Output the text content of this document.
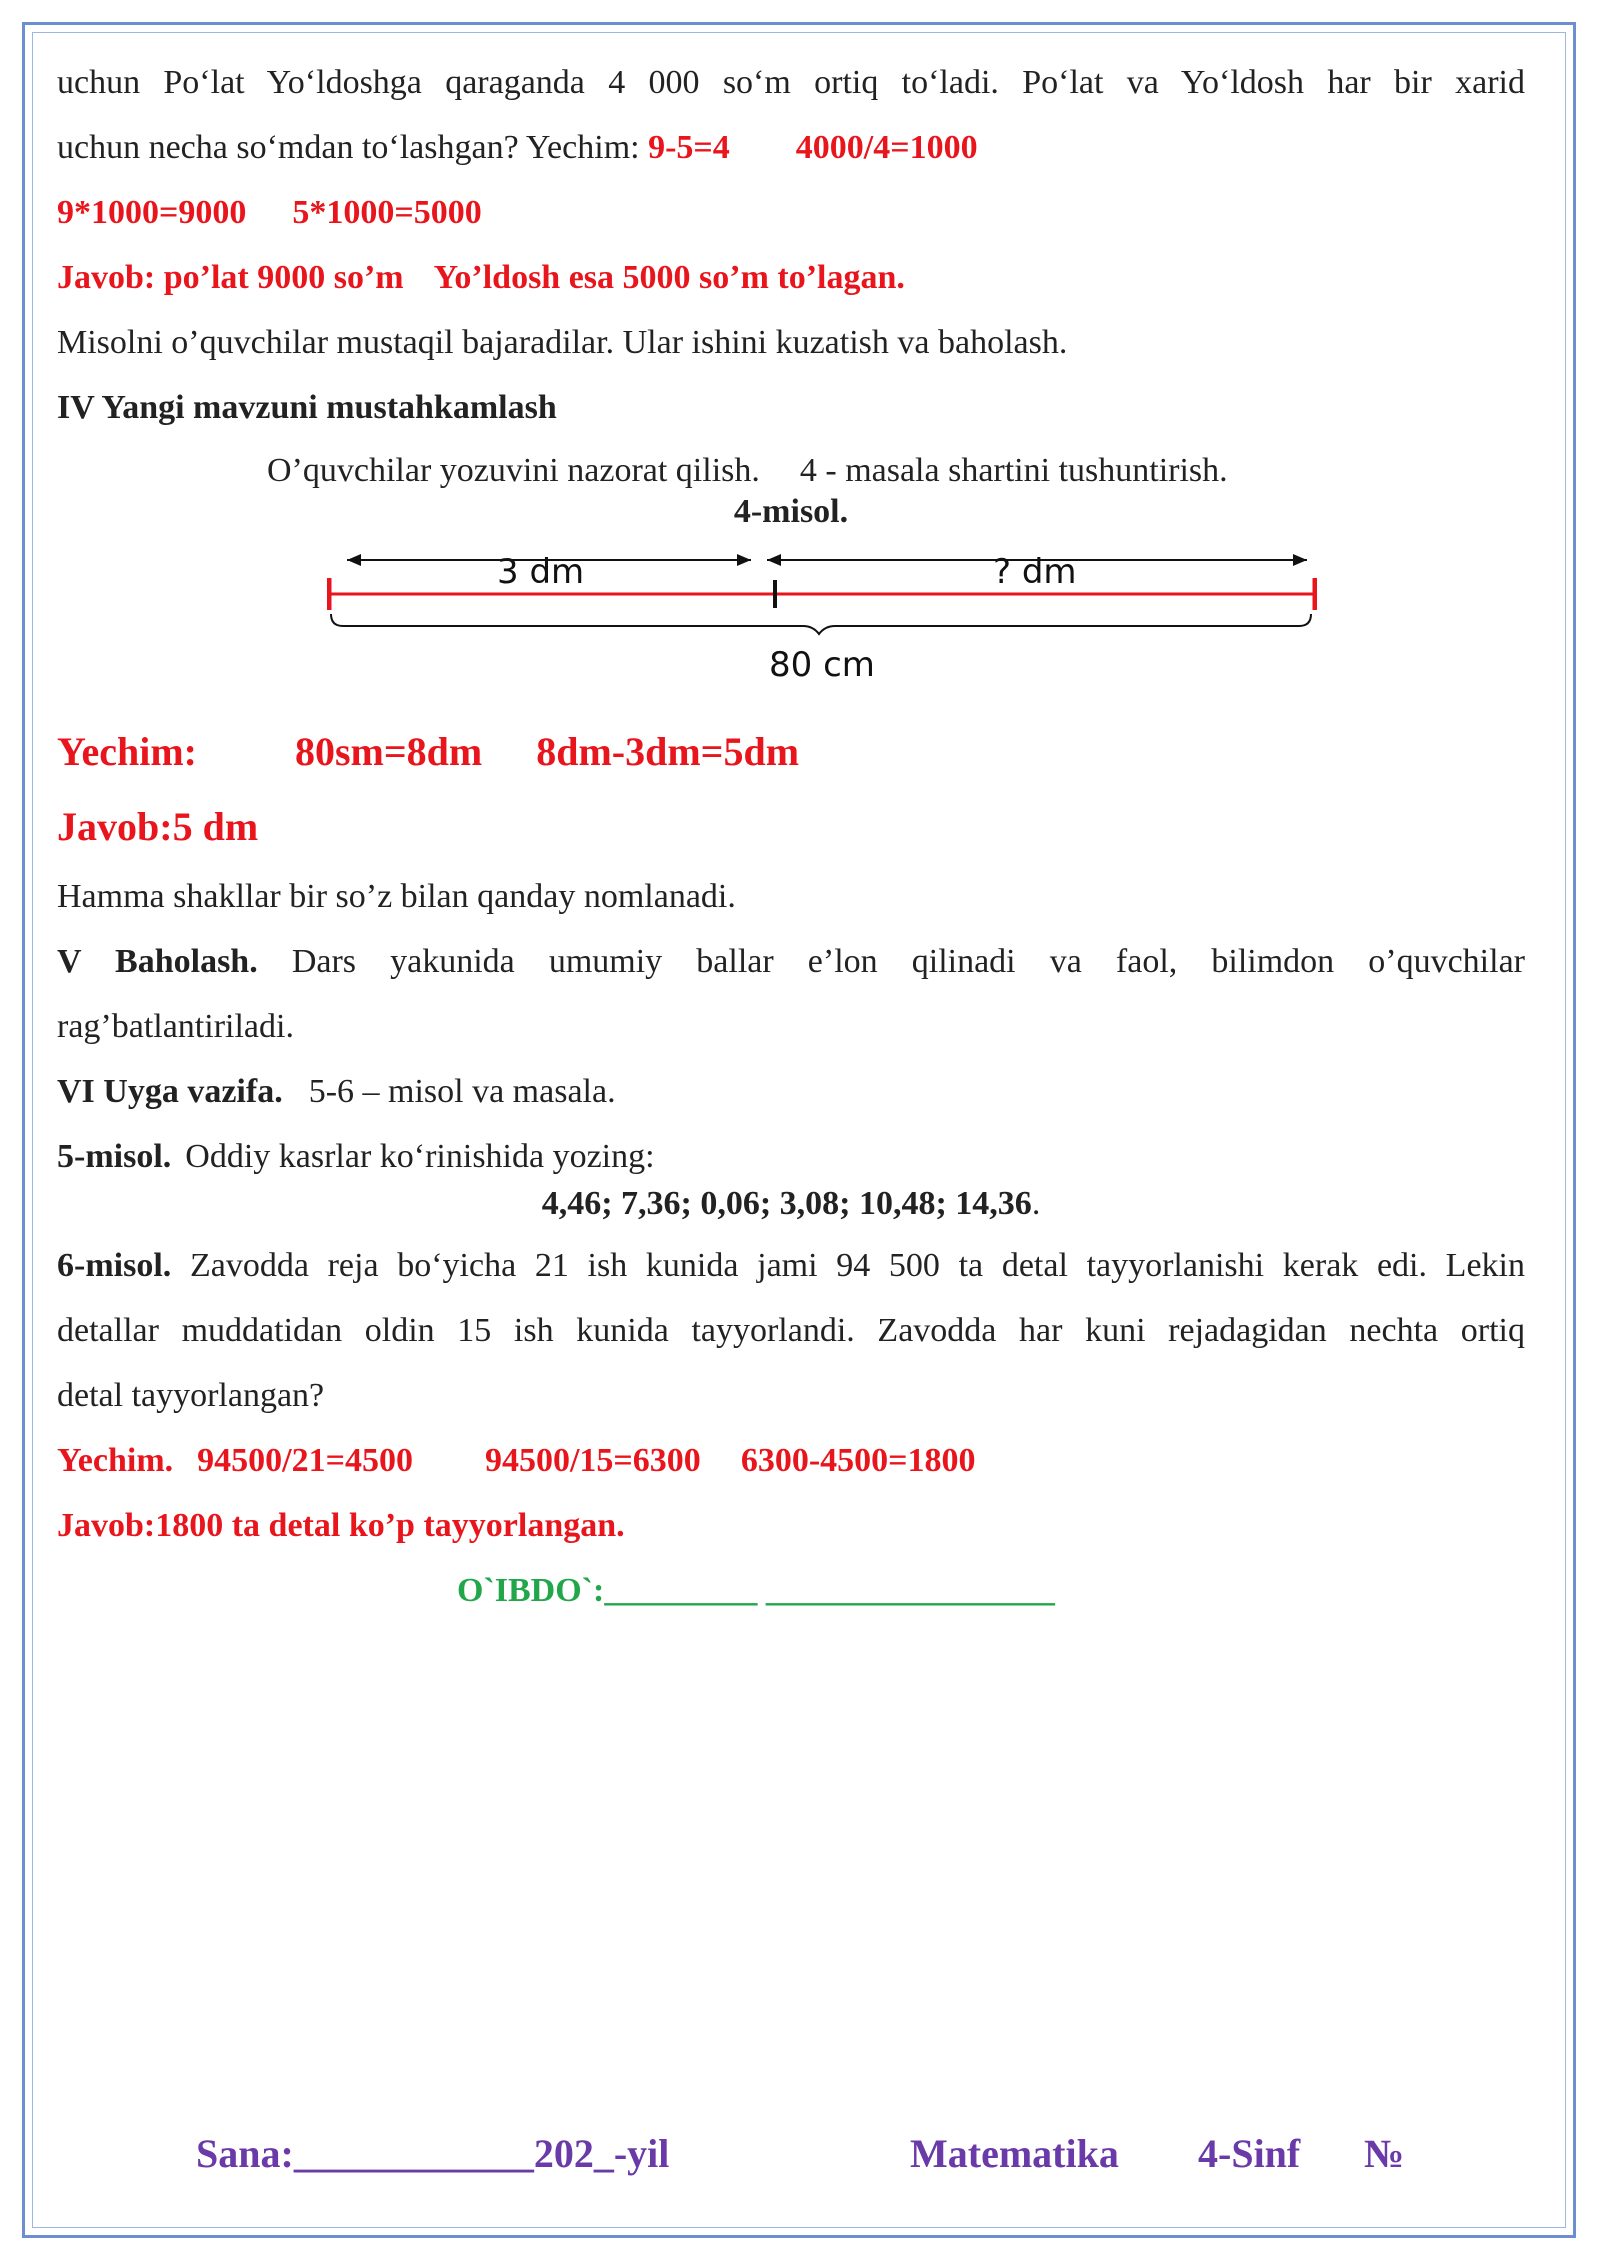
uchun Po‘lat Yo‘ldoshga qaraganda 4 000 so‘m ortiq to‘ladi. Po‘lat va Yo‘ldosh har bir xarid

uchun necha so‘mdan to‘lashgan? Yechim: 9-5=4 4000/4=1000

9*1000=9000 5*1000=5000

Javob: po’lat 9000 so’m Yo’ldosh esa 5000 so’m to’lagan.

Misolni o’quvchilar mustaqil bajaradilar. Ular ishini kuzatish va baholash.

IV Yangi mavzuni mustahkamlash

O’quvchilar yozuvini nazorat qilish. 4 - masala shartini tushuntirish.

4-misol.

3 dm	? dm
80 cm

Yechim: 80sm=8dm 8dm-3dm=5dm

Javob:5 dm

Hamma shakllar bir so’z bilan qanday nomlanadi.

V Baholash. Dars yakunida umumiy ballar e’lon qilinadi va faol, bilimdon o’quvchilar

rag’batlantiriladi.

VI Uyga vazifa. 5-6 – misol va masala.

5-misol. Oddiy kasrlar ko‘rinishida yozing:

4,46; 7,36; 0,06; 3,08; 10,48; 14,36.

6-misol. Zavodda reja bo‘yicha 21 ish kunida jami 94 500 ta detal tayyorlanishi kerak edi. Lekin

detallar muddatidan oldin 15 ish kunida tayyorlandi. Zavodda har kuni rejadagidan nechta ortiq

detal tayyorlangan?

Yechim. 94500/21=4500 94500/15=6300 6300-4500=1800

Javob:1800 ta detal ko’p tayyorlangan.

O`IBDO`:_________ _________________

Sana:____________202_-yil	Matematika 4-Sinf №
